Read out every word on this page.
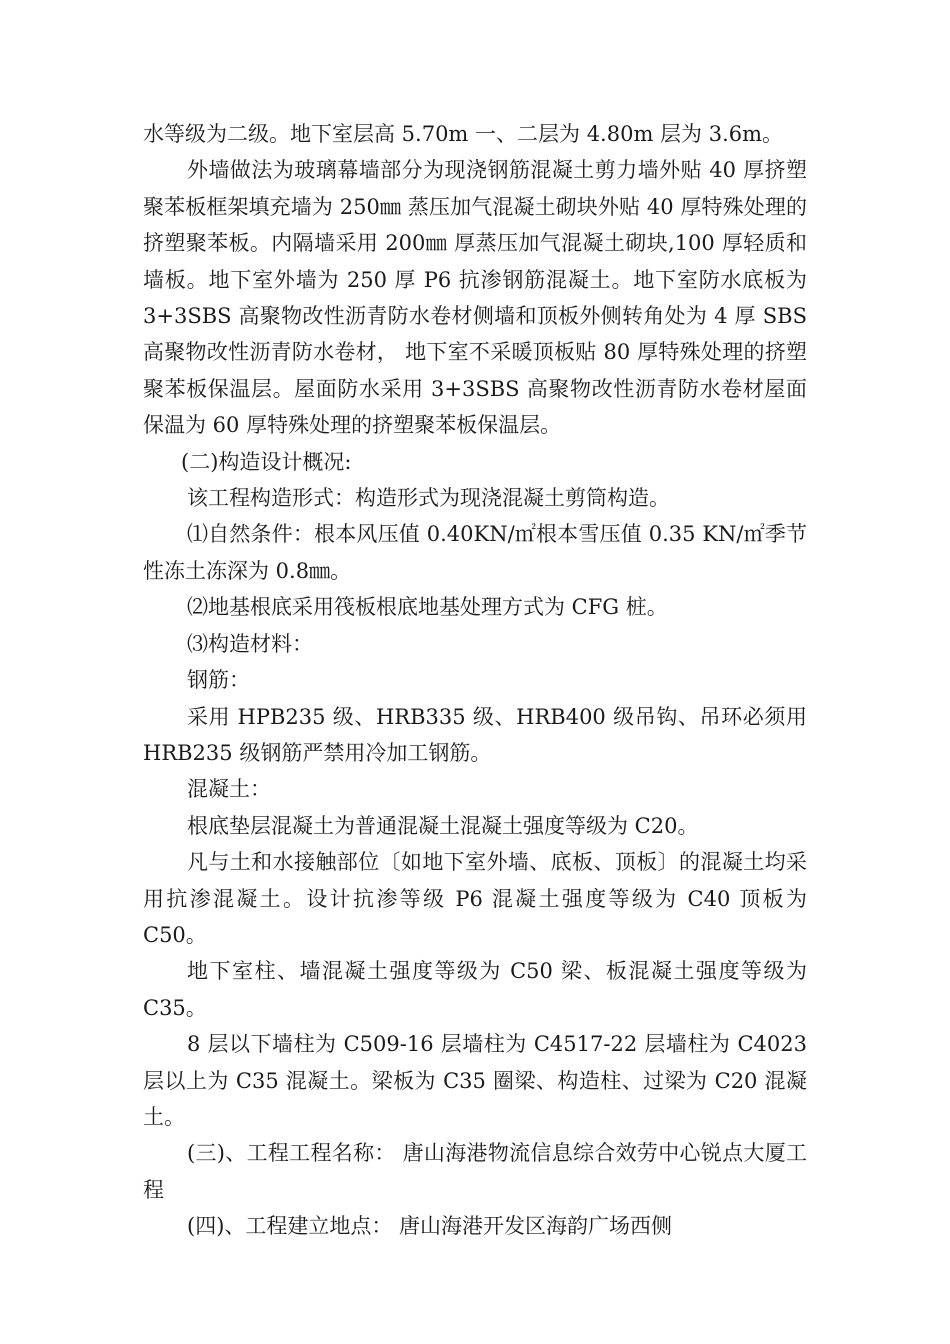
水等级为二级。地下室层高 5.70m 一、二层为 4.80m 层为 3.6m。

外墙做法为玻璃幕墙部分为现浇钢筋混凝土剪力墙外贴 40 厚挤塑聚苯板框架填充墙为 250㎜ 蒸压加气混凝土砌块外贴 40 厚特殊处理的挤塑聚苯板。内隔墙采用 200㎜ 厚蒸压加气混凝土砌块,100 厚轻质和墙板。地下室外墙为 250 厚 P6 抗渗钢筋混凝土。地下室防水底板为 3+3SBS 高聚物改性沥青防水卷材侧墙和顶板外侧转角处为 4 厚 SBS 高聚物改性沥青防水卷材， 地下室不采暖顶板贴 80 厚特殊处理的挤塑聚苯板保温层。屋面防水采用 3+3SBS 高聚物改性沥青防水卷材屋面保温为 60 厚特殊处理的挤塑聚苯板保温层。

(二)构造设计概况:

该工程构造形式：构造形式为现浇混凝土剪筒构造。

⑴自然条件：根本风压值 0.40KN/㎡根本雪压值 0.35 KN/㎡季节性冻土冻深为 0.8㎜。

⑵地基根底采用筏板根底地基处理方式为 CFG 桩。

⑶构造材料：

钢筋：

采用 HPB235 级、HRB335 级、HRB400 级吊钩、吊环必须用HRB235 级钢筋严禁用冷加工钢筋。

混凝土：

根底垫层混凝土为普通混凝土混凝土强度等级为 C20。

凡与土和水接触部位〔如地下室外墙、底板、顶板〕的混凝土均采用抗渗混凝土。设计抗渗等级 P6 混凝土强度等级为 C40 顶板为C50。

地下室柱、墙混凝土强度等级为 C50 梁、板混凝土强度等级为C35。

8 层以下墙柱为 C509-16 层墙柱为 C4517-22 层墙柱为 C4023 层以上为 C35 混凝土。梁板为 C35 圈梁、构造柱、过梁为 C20 混凝土。

(三)、工程工程名称： 唐山海港物流信息综合效劳中心锐点大厦工程

(四)、工程建立地点： 唐山海港开发区海韵广场西侧
